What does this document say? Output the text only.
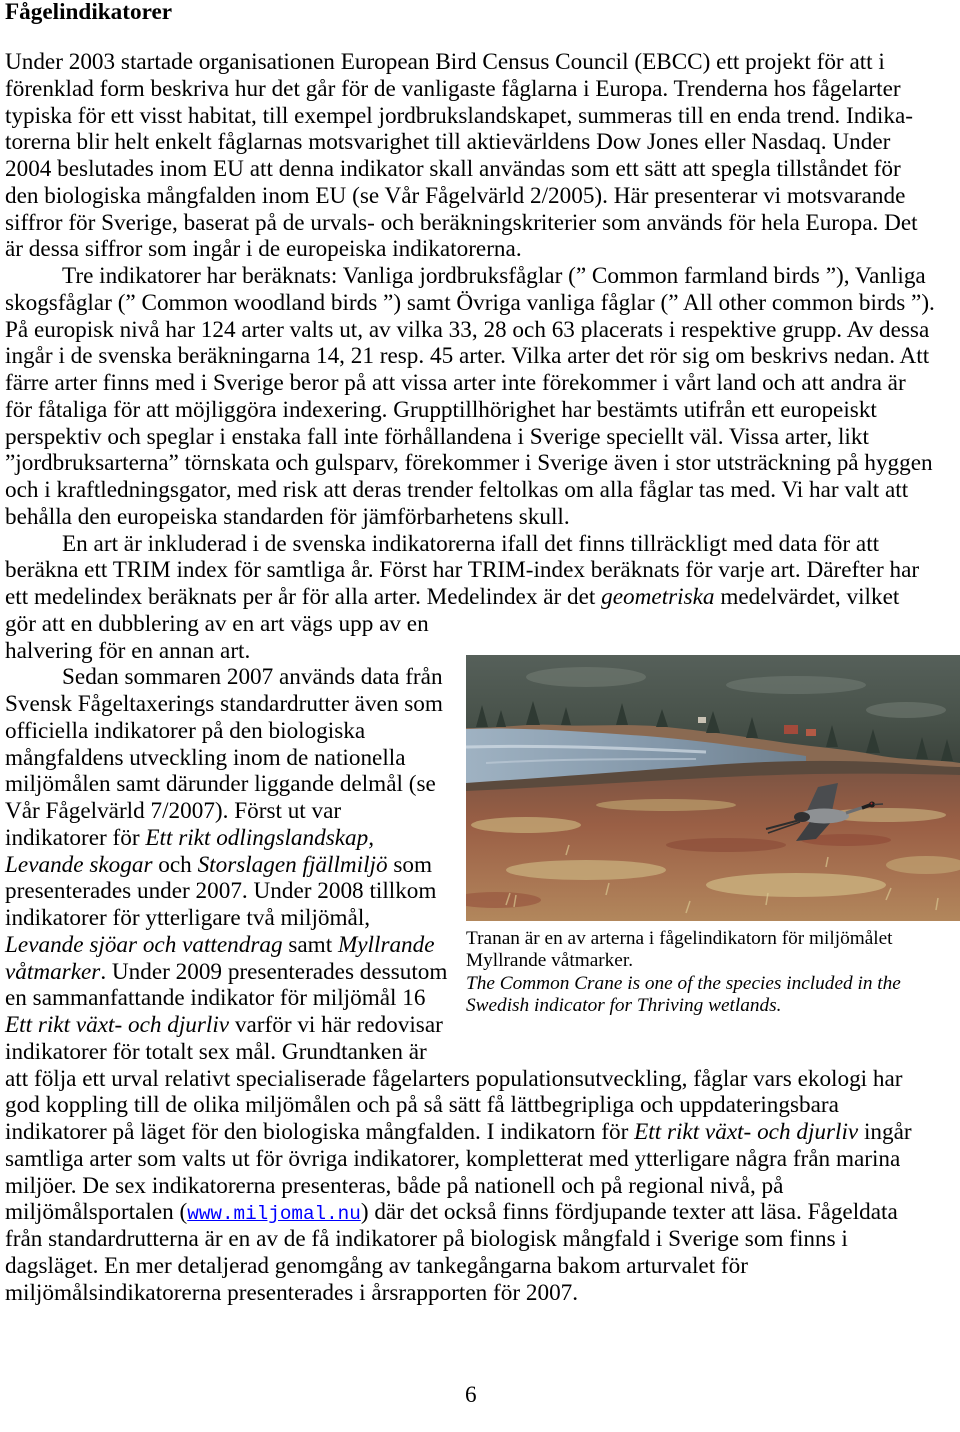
Fågelindikatorer
Under 2003 startade organisationen European Bird Census Council (EBCC) ett projekt för att i
förenklad form beskriva hur det går för de vanligaste fåglarna i Europa. Trenderna hos fågelarter
typiska för ett visst habitat, till exempel jordbrukslandskapet, summeras till en enda trend. Indika-
torerna blir helt enkelt fåglarnas motsvarighet till aktievärldens Dow Jones eller Nasdaq. Under
2004 beslutades inom EU att denna indikator skall användas som ett sätt att spegla tillståndet för
den biologiska mångfalden inom EU (se Vår Fågelvärld 2/2005). Här presenterar vi motsvarande
siffror för Sverige, baserat på de urvals- och beräkningskriterier som används för hela Europa. Det
är dessa siffror som ingår i de europeiska indikatorerna.
Tre indikatorer har beräknats: Vanliga jordbruksfåglar (” Common farmland birds ”), Vanliga
skogsfåglar (” Common woodland birds ”) samt Övriga vanliga fåglar (” All other common birds ”).
På europisk nivå har 124 arter valts ut, av vilka 33, 28 och 63 placerats i respektive grupp. Av dessa
ingår i de svenska beräkningarna 14, 21 resp. 45 arter. Vilka arter det rör sig om beskrivs nedan. Att
färre arter finns med i Sverige beror på att vissa arter inte förekommer i vårt land och att andra är
för fåtaliga för att möjliggöra indexering. Grupptillhörighet har bestämts utifrån ett europeiskt
perspektiv och speglar i enstaka fall inte förhållandena i Sverige speciellt väl. Vissa arter, likt
”jordbruksarterna” törnskata och gulsparv, förekommer i Sverige även i stor utsträckning på hyggen
och i kraftledningsgator, med risk att deras trender feltolkas om alla fåglar tas med. Vi har valt att
behålla den europeiska standarden för jämförbarhetens skull.
En art är inkluderad i de svenska indikatorerna ifall det finns tillräckligt med data för att
beräkna ett TRIM index för samtliga år. Först har TRIM-index beräknats för varje art. Därefter har
ett medelindex beräknats per år för alla arter. Medelindex är det geometriska medelvärdet, vilket
gör att en dubblering av en art vägs upp av en
halvering för en annan art.
Sedan sommaren 2007 används data från
Svensk Fågeltaxerings standardrutter även som
officiella indikatorer på den biologiska
mångfaldens utveckling inom de nationella
miljömålen samt därunder liggande delmål (se
Vår Fågelvärld 7/2007). Först ut var
indikatorer för Ett rikt odlingslandskap,
Levande skogar och Storslagen fjällmiljö som
presenterades under 2007. Under 2008 tillkom
indikatorer för ytterligare två miljömål,
Levande sjöar och vattendrag samt Myllrande
våtmarker. Under 2009 presenterades dessutom
en sammanfattande indikator för miljömål 16
Ett rikt växt- och djurliv varför vi här redovisar
indikatorer för totalt sex mål. Grundtanken är
att följa ett urval relativt specialiserade fågelarters populationsutveckling, fåglar vars ekologi har
god koppling till de olika miljömålen och på så sätt få lättbegripliga och uppdateringsbara
indikatorer på läget för den biologiska mångfalden. I indikatorn för Ett rikt växt- och djurliv ingår
samtliga arter som valts ut för övriga indikatorer, kompletterat med ytterligare några från marina
miljöer. De sex indikatorerna presenteras, både på nationell och på regional nivå, på
miljömålsportalen (www.miljomal.nu) där det också finns fördjupande texter att läsa. Fågeldata
från standardrutterna är en av de få indikatorer på biologisk mångfald i Sverige som finns i
dagsläget. En mer detaljerad genomgång av tankegångarna bakom arturvalet för
miljömålsindikatorerna presenterades i årsrapporten för 2007.
Tranan är en av arterna i fågelindikatorn för miljömålet
Myllrande våtmarker.
The Common Crane is one of the species included in the
Swedish indicator for Thriving wetlands.
6
